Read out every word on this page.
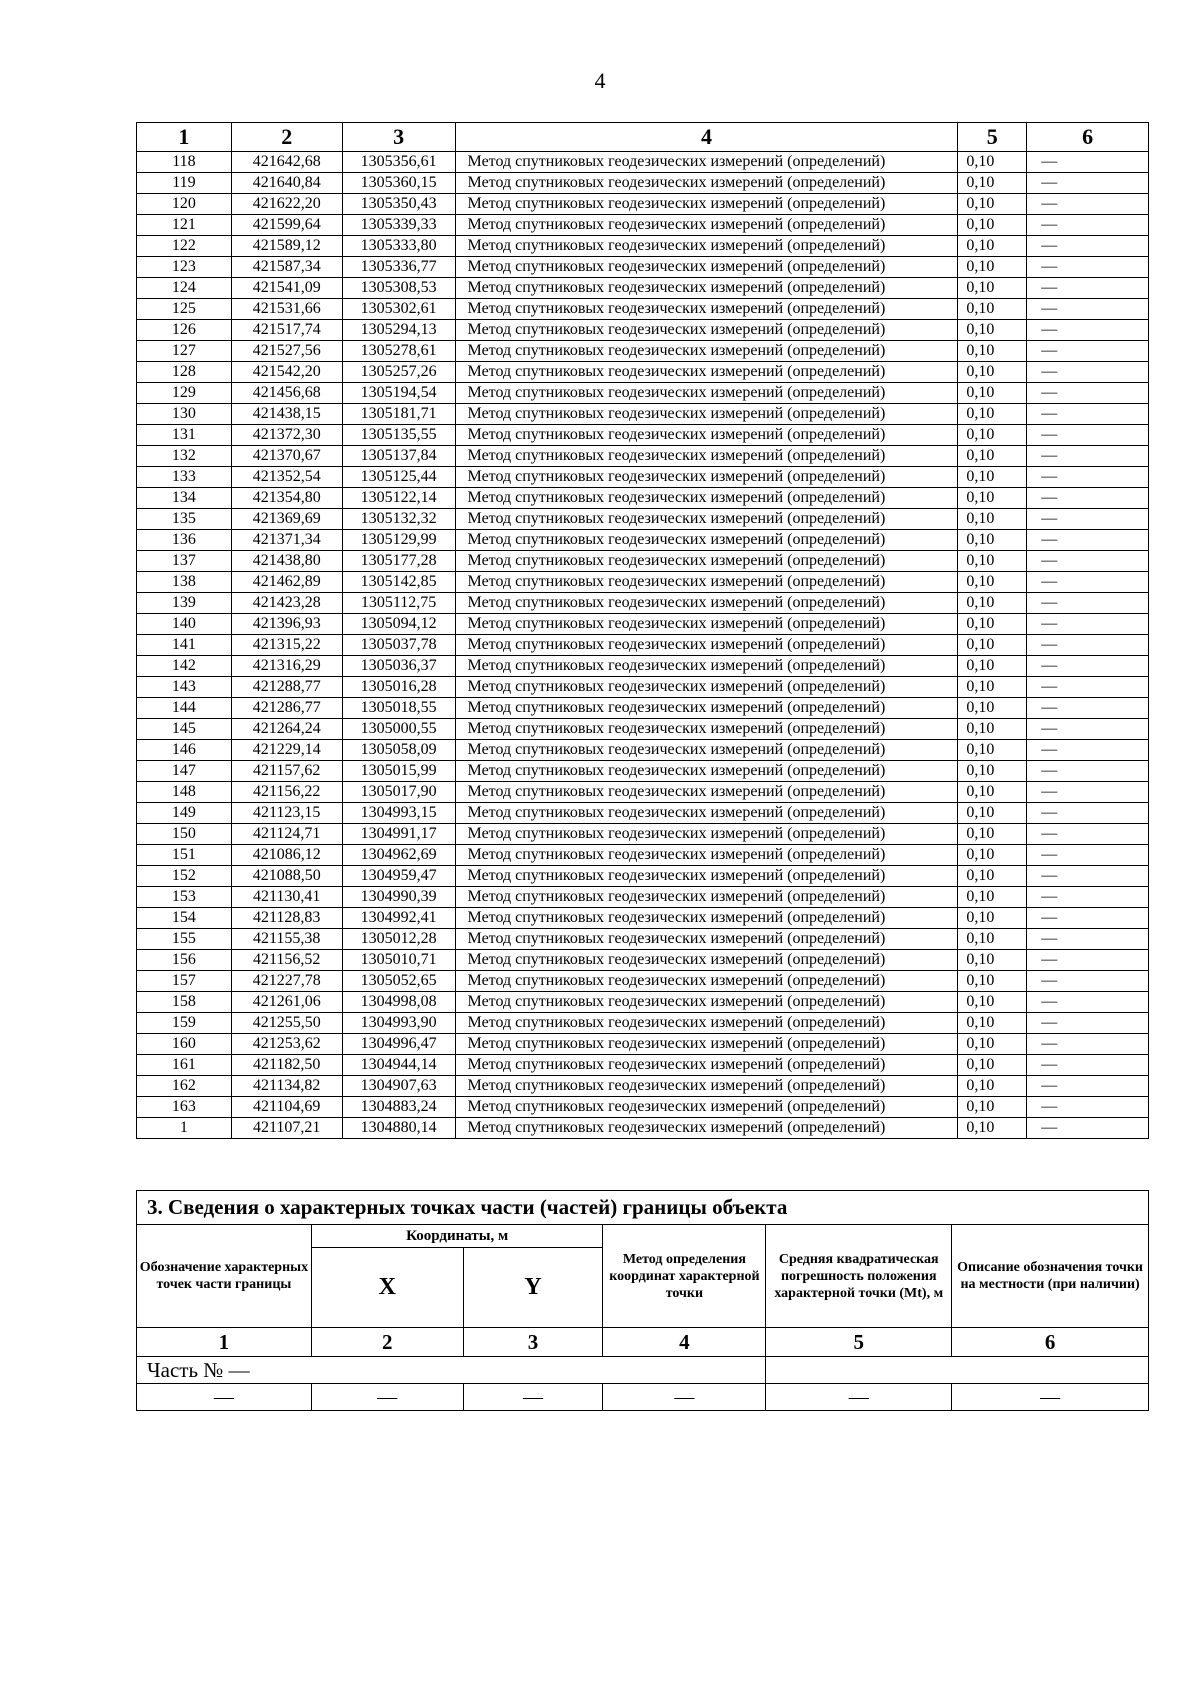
4
1	2	3	4	5	6
118	421642,68	1305356,61	Метод спутниковых геодезических измерений (определений)	0,10	—
119	421640,84	1305360,15	Метод спутниковых геодезических измерений (определений)	0,10	—
120	421622,20	1305350,43	Метод спутниковых геодезических измерений (определений)	0,10	—
121	421599,64	1305339,33	Метод спутниковых геодезических измерений (определений)	0,10	—
122	421589,12	1305333,80	Метод спутниковых геодезических измерений (определений)	0,10	—
123	421587,34	1305336,77	Метод спутниковых геодезических измерений (определений)	0,10	—
124	421541,09	1305308,53	Метод спутниковых геодезических измерений (определений)	0,10	—
125	421531,66	1305302,61	Метод спутниковых геодезических измерений (определений)	0,10	—
126	421517,74	1305294,13	Метод спутниковых геодезических измерений (определений)	0,10	—
127	421527,56	1305278,61	Метод спутниковых геодезических измерений (определений)	0,10	—
128	421542,20	1305257,26	Метод спутниковых геодезических измерений (определений)	0,10	—
129	421456,68	1305194,54	Метод спутниковых геодезических измерений (определений)	0,10	—
130	421438,15	1305181,71	Метод спутниковых геодезических измерений (определений)	0,10	—
131	421372,30	1305135,55	Метод спутниковых геодезических измерений (определений)	0,10	—
132	421370,67	1305137,84	Метод спутниковых геодезических измерений (определений)	0,10	—
133	421352,54	1305125,44	Метод спутниковых геодезических измерений (определений)	0,10	—
134	421354,80	1305122,14	Метод спутниковых геодезических измерений (определений)	0,10	—
135	421369,69	1305132,32	Метод спутниковых геодезических измерений (определений)	0,10	—
136	421371,34	1305129,99	Метод спутниковых геодезических измерений (определений)	0,10	—
137	421438,80	1305177,28	Метод спутниковых геодезических измерений (определений)	0,10	—
138	421462,89	1305142,85	Метод спутниковых геодезических измерений (определений)	0,10	—
139	421423,28	1305112,75	Метод спутниковых геодезических измерений (определений)	0,10	—
140	421396,93	1305094,12	Метод спутниковых геодезических измерений (определений)	0,10	—
141	421315,22	1305037,78	Метод спутниковых геодезических измерений (определений)	0,10	—
142	421316,29	1305036,37	Метод спутниковых геодезических измерений (определений)	0,10	—
143	421288,77	1305016,28	Метод спутниковых геодезических измерений (определений)	0,10	—
144	421286,77	1305018,55	Метод спутниковых геодезических измерений (определений)	0,10	—
145	421264,24	1305000,55	Метод спутниковых геодезических измерений (определений)	0,10	—
146	421229,14	1305058,09	Метод спутниковых геодезических измерений (определений)	0,10	—
147	421157,62	1305015,99	Метод спутниковых геодезических измерений (определений)	0,10	—
148	421156,22	1305017,90	Метод спутниковых геодезических измерений (определений)	0,10	—
149	421123,15	1304993,15	Метод спутниковых геодезических измерений (определений)	0,10	—
150	421124,71	1304991,17	Метод спутниковых геодезических измерений (определений)	0,10	—
151	421086,12	1304962,69	Метод спутниковых геодезических измерений (определений)	0,10	—
152	421088,50	1304959,47	Метод спутниковых геодезических измерений (определений)	0,10	—
153	421130,41	1304990,39	Метод спутниковых геодезических измерений (определений)	0,10	—
154	421128,83	1304992,41	Метод спутниковых геодезических измерений (определений)	0,10	—
155	421155,38	1305012,28	Метод спутниковых геодезических измерений (определений)	0,10	—
156	421156,52	1305010,71	Метод спутниковых геодезических измерений (определений)	0,10	—
157	421227,78	1305052,65	Метод спутниковых геодезических измерений (определений)	0,10	—
158	421261,06	1304998,08	Метод спутниковых геодезических измерений (определений)	0,10	—
159	421255,50	1304993,90	Метод спутниковых геодезических измерений (определений)	0,10	—
160	421253,62	1304996,47	Метод спутниковых геодезических измерений (определений)	0,10	—
161	421182,50	1304944,14	Метод спутниковых геодезических измерений (определений)	0,10	—
162	421134,82	1304907,63	Метод спутниковых геодезических измерений (определений)	0,10	—
163	421104,69	1304883,24	Метод спутниковых геодезических измерений (определений)	0,10	—
1	421107,21	1304880,14	Метод спутниковых геодезических измерений (определений)	0,10	—
3. Сведения о характерных точках части (частей) границы объекта
Обозначение характерных точек части границы	Координаты, м		Метод определения координат характерной точки	Средняя квадратическая погрешность положения характерной точки (Mt), м	Описание обозначения точки на местности (при наличии)
	X	Y			
1	2	3	4	5	6
Часть № —					
—	—	—	—	—	—
